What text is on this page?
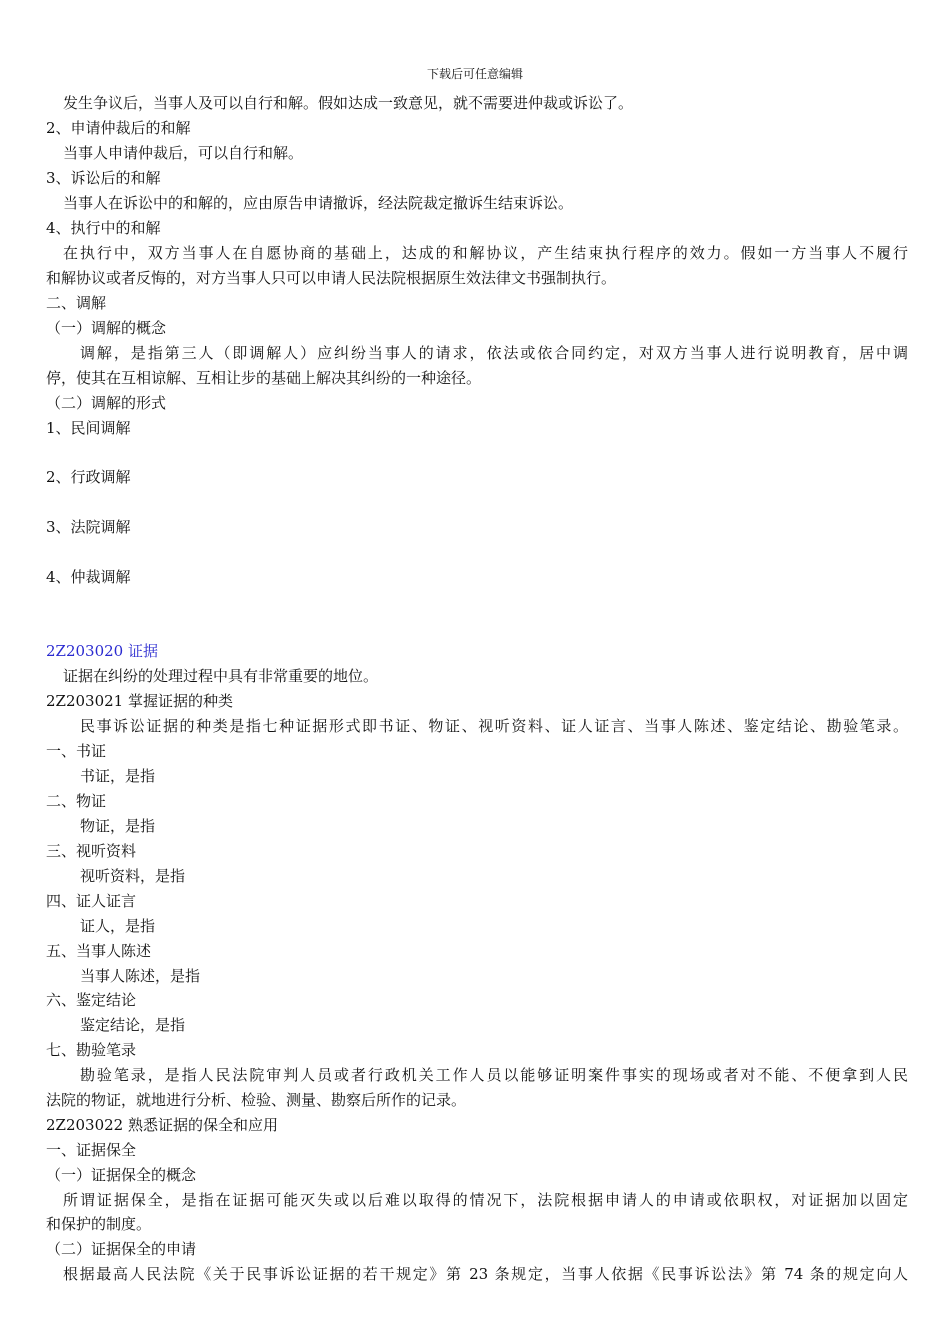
下载后可任意编辑
发生争议后，当事人及可以自行和解。假如达成一致意见，就不需要进仲裁或诉讼了。
2、申请仲裁后的和解
当事人申请仲裁后，可以自行和解。
3、诉讼后的和解
当事人在诉讼中的和解的，应由原告申请撤诉，经法院裁定撤诉生结束诉讼。
4、执行中的和解
在执行中，双方当事人在自愿协商的基础上，达成的和解协议，产生结束执行程序的效力。假如一方当事人不履行
和解协议或者反悔的，对方当事人只可以申请人民法院根据原生效法律文书强制执行。
二、调解
（一）调解的概念
调解，是指第三人（即调解人）应纠纷当事人的请求，依法或依合同约定，对双方当事人进行说明教育，居中调
停，使其在互相谅解、互相让步的基础上解决其纠纷的一种途径。
（二）调解的形式
1、民间调解
2、行政调解
3、法院调解
4、仲裁调解
2Z203020 证据
证据在纠纷的处理过程中具有非常重要的地位。
2Z203021 掌握证据的种类
民事诉讼证据的种类是指七种证据形式即书证、物证、视听资料、证人证言、当事人陈述、鉴定结论、勘验笔录。
一、书证
书证，是指
二、物证
物证，是指
三、视听资料
视听资料，是指
四、证人证言
证人，是指
五、当事人陈述
当事人陈述，是指
六、鉴定结论
鉴定结论，是指
七、勘验笔录
勘验笔录，是指人民法院审判人员或者行政机关工作人员以能够证明案件事实的现场或者对不能、不便拿到人民
法院的物证，就地进行分析、检验、测量、勘察后所作的记录。
2Z203022 熟悉证据的保全和应用
一、证据保全
（一）证据保全的概念
所谓证据保全，是指在证据可能灭失或以后难以取得的情况下，法院根据申请人的申请或依职权，对证据加以固定
和保护的制度。
（二）证据保全的申请
根据最高人民法院《关于民事诉讼证据的若干规定》第 23 条规定，当事人依据《民事诉讼法》第 74 条的规定向人
